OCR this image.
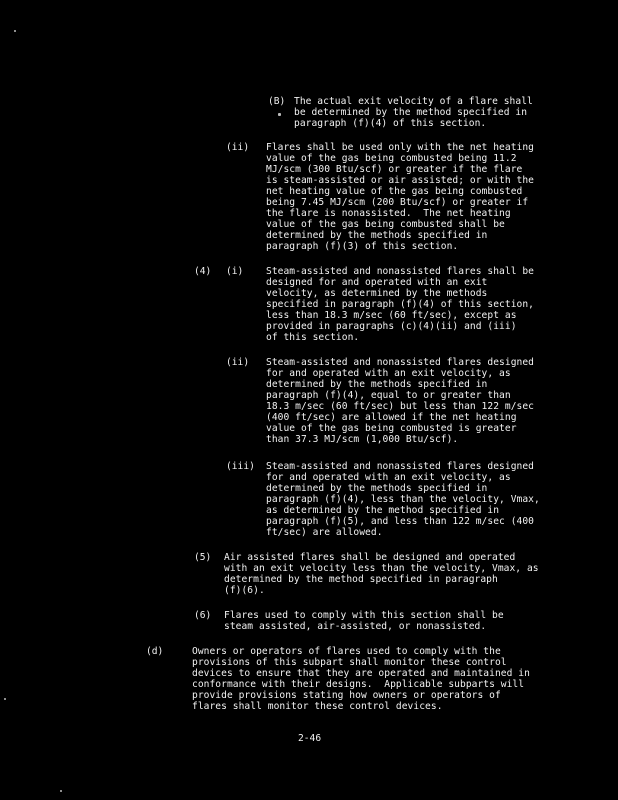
(B) The actual exit velocity of a flare shall
be determined by the method specified in
paragraph (f)(4) of this section.
(ii) Flares shall be used only with the net heating
value of the gas being combusted being 11.2
MJ/scm (300 Btu/scf) or greater if the flare
is steam-assisted or air assisted; or with the
net heating value of the gas being combusted
being 7.45 MJ/scm (200 Btu/scf) or greater if
the flare is nonassisted.  The net heating
value of the gas being combusted shall be
determined by the methods specified in
paragraph (f)(3) of this section.
(4) (i) Steam-assisted and nonassisted flares shall be
designed for and operated with an exit
velocity, as determined by the methods
specified in paragraph (f)(4) of this section,
less than 18.3 m/sec (60 ft/sec), except as
provided in paragraphs (c)(4)(ii) and (iii)
of this section.
(ii) Steam-assisted and nonassisted flares designed
for and operated with an exit velocity, as
determined by the methods specified in
paragraph (f)(4), equal to or greater than
18.3 m/sec (60 ft/sec) but less than 122 m/sec
(400 ft/sec) are allowed if the net heating
value of the gas being combusted is greater
than 37.3 MJ/scm (1,000 Btu/scf).
(iii) Steam-assisted and nonassisted flares designed
for and operated with an exit velocity, as
determined by the methods specified in
paragraph (f)(4), less than the velocity, Vmax,
as determined by the method specified in
paragraph (f)(5), and less than 122 m/sec (400
ft/sec) are allowed.
(5) Air assisted flares shall be designed and operated
with an exit velocity less than the velocity, Vmax, as
determined by the method specified in paragraph
(f)(6).
(6) Flares used to comply with this section shall be
steam assisted, air-assisted, or nonassisted.
(d)	Owners or operators of flares used to comply with the
provisions of this subpart shall monitor these control
devices to ensure that they are operated and maintained in
conformance with their designs.  Applicable subparts will
provide provisions stating how owners or operators of
flares shall monitor these control devices.
2-46
